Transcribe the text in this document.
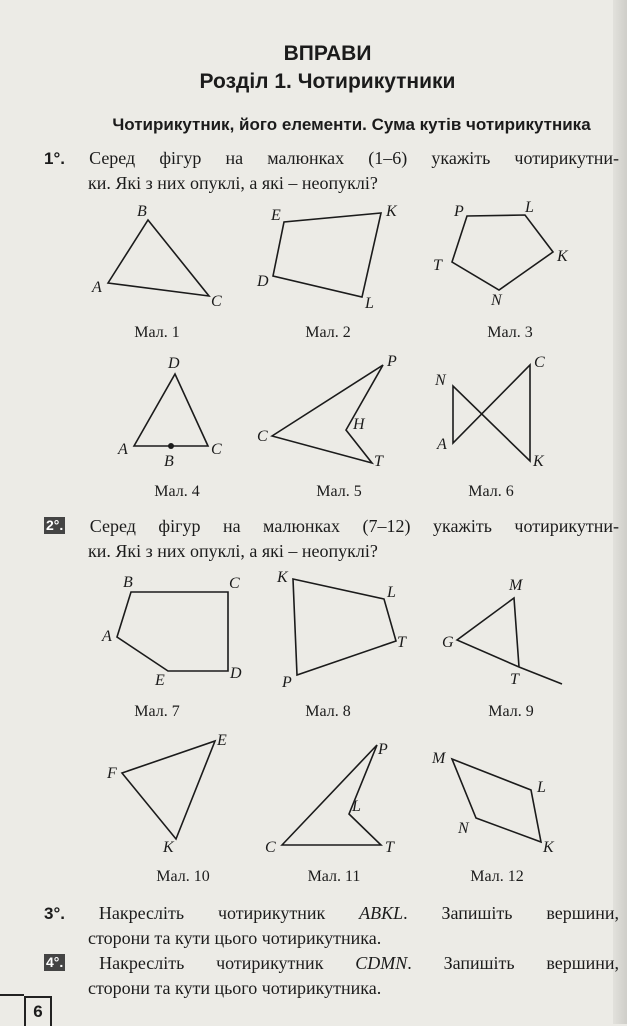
ВПРАВИ
Розділ 1. Чотирикутники
Чотирикутник, його елементи. Сума кутів чотирикутника
1°. Серед фігур на малюнках (1–6) укажіть чотирикутни-
ки. Які з них опуклі, а які – неопуклі?
2°. Серед фігур на малюнках (7–12) укажіть чотирикутни-
ки. Які з них опуклі, а які – неопуклі?
3°. Накресліть чотирикутник ABKL. Запишіть вершини,
сторони та кути цього чотирикутника.
4°. Накресліть чотирикутник CDMN. Запишіть вершини,
сторони та кути цього чотирикутника.
B
A
C
E	K
D
L
P	L
K
T
N
D
A
B
C
P
H
C
T
N
C
A
K
B	C
A
D
E
K
L
T
P
M
G
T
E
F
K
P
L
C	T
M
L
N
K
Мал. 1	Мал. 2	Мал. 3
Мал. 4	Мал. 5	Мал. 6
Мал. 7	Мал. 8	Мал. 9
Мал. 10	Мал. 11	Мал. 12
6
